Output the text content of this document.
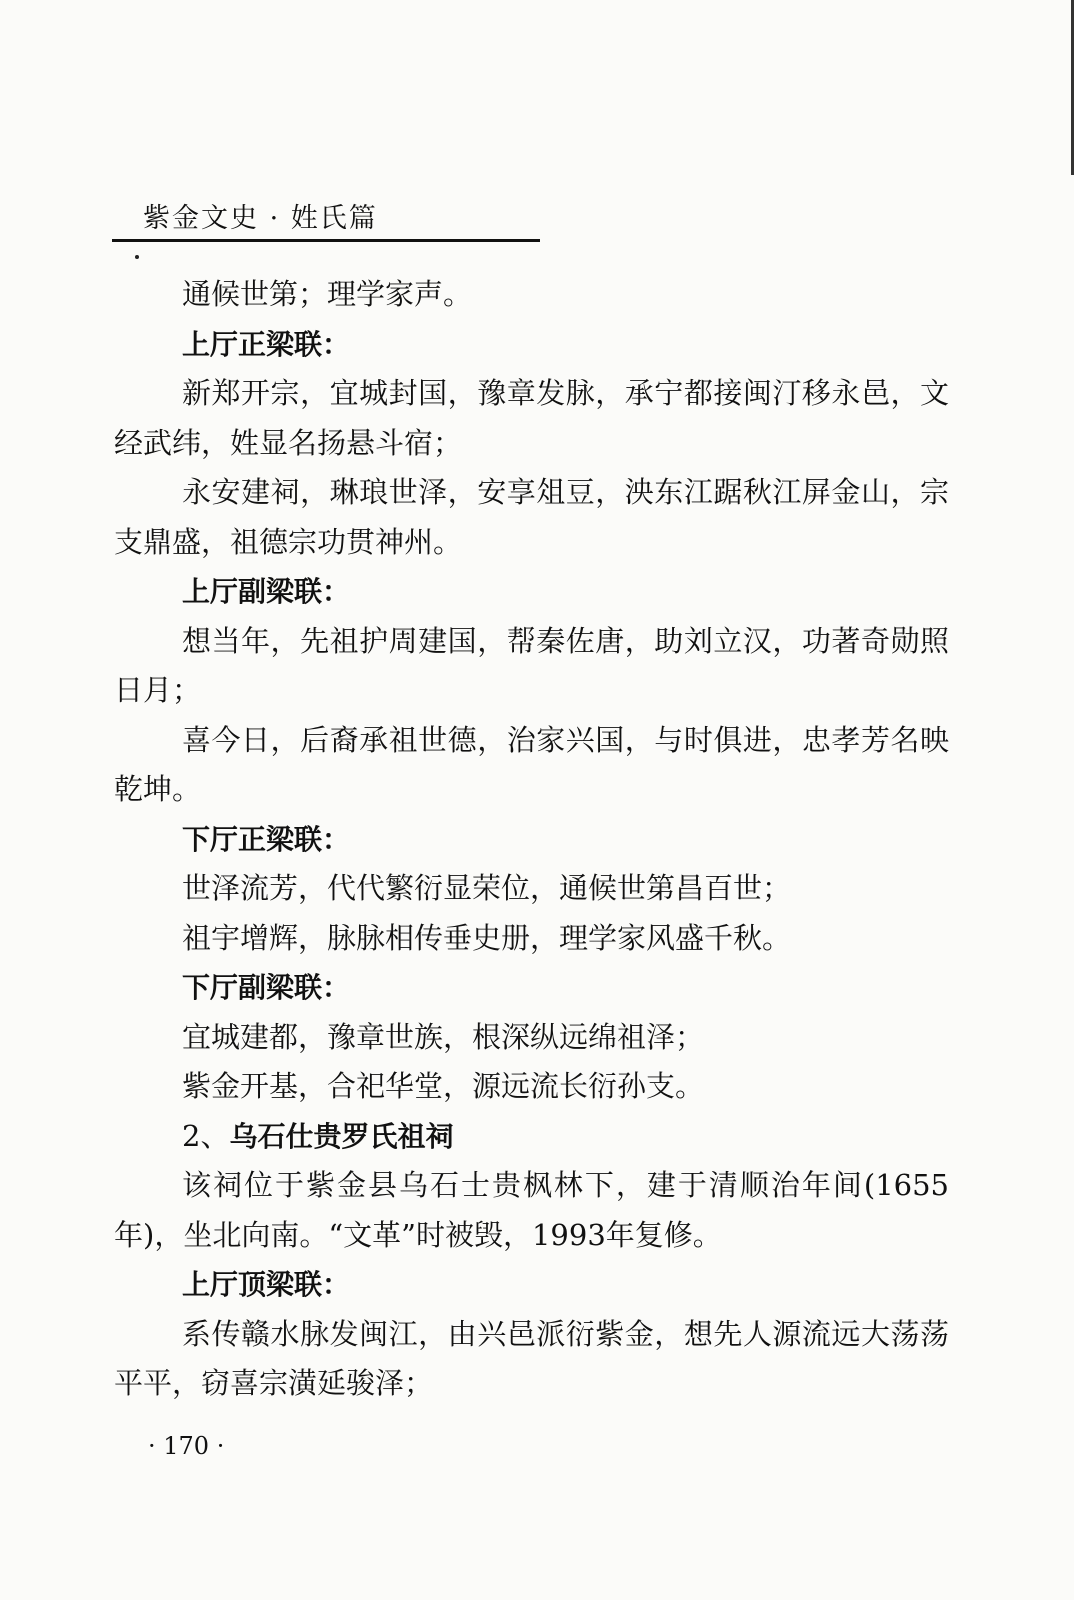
紫金文史 · 姓氏篇

通候世第；理学家声。

上厅正梁联：

新郑开宗，宜城封国，豫章发脉，承宁都接闽汀移永邑，文经武纬，姓显名扬悬斗宿；

永安建祠，琳琅世泽，安享俎豆，泱东江踞秋江屏金山，宗支鼎盛，祖德宗功贯神州。

上厅副梁联：

想当年，先祖护周建国，帮秦佐唐，助刘立汉，功著奇勋照日月；

喜今日，后裔承祖世德，治家兴国，与时俱进，忠孝芳名映乾坤。

下厅正梁联：

世泽流芳，代代繁衍显荣位，通候世第昌百世；

祖宇增辉，脉脉相传垂史册，理学家风盛千秋。

下厅副梁联：

宜城建都，豫章世族，根深纵远绵祖泽；

紫金开基，合祀华堂，源远流长衍孙支。

2、乌石仕贵罗氏祖祠

该祠位于紫金县乌石士贵枫林下，建于清顺治年间(1655年)，坐北向南。“文革”时被毁，1993年复修。

上厅顶梁联：

系传赣水脉发闽江，由兴邑派衍紫金，想先人源流远大荡荡平平，窃喜宗潢延骏泽；

· 170 ·
